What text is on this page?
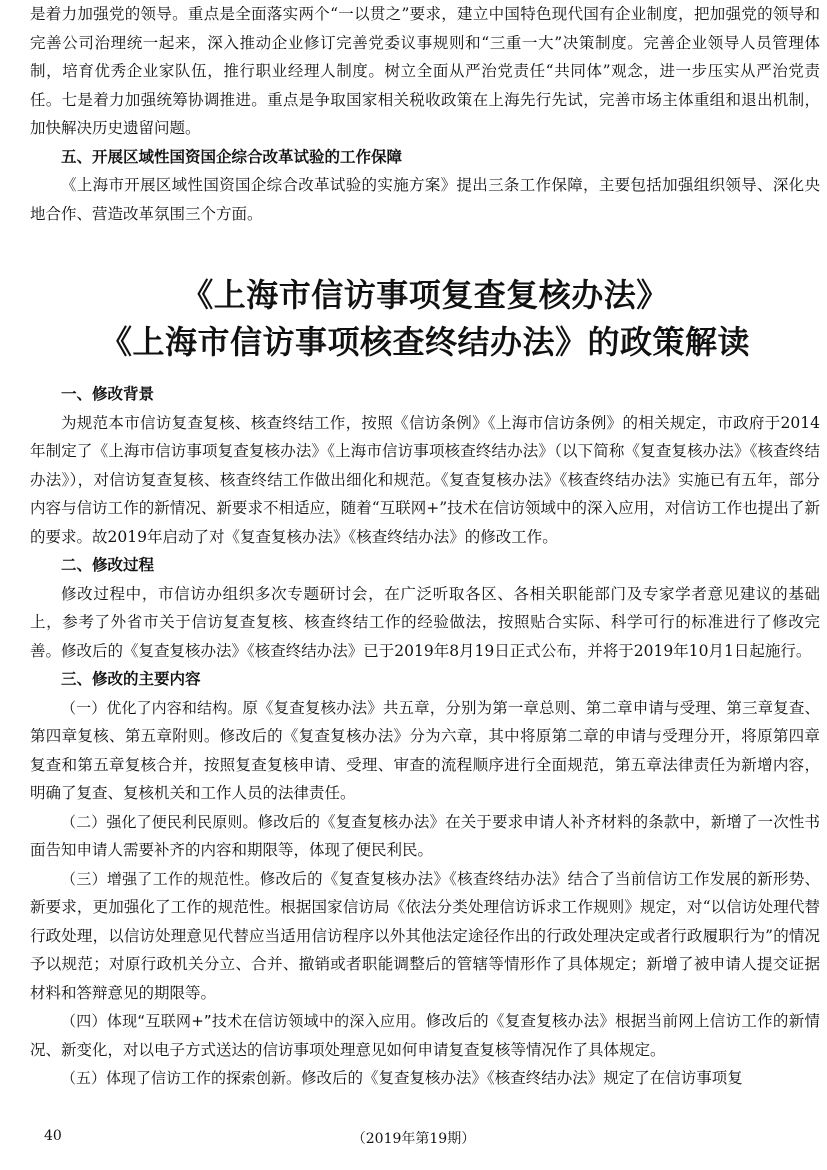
是着力加强党的领导。重点是全面落实两个“一以贯之”要求，建立中国特色现代国有企业制度，把加强党的领导和完善公司治理统一起来，深入推动企业修订完善党委议事规则和“三重一大”决策制度。完善企业领导人员管理体制，培育优秀企业家队伍，推行职业经理人制度。树立全面从严治党责任“共同体”观念，进一步压实从严治党责任。七是着力加强统筹协调推进。重点是争取国家相关税收政策在上海先行先试，完善市场主体重组和退出机制，加快解决历史遗留问题。

五、开展区域性国资国企综合改革试验的工作保障

《上海市开展区域性国资国企综合改革试验的实施方案》提出三条工作保障，主要包括加强组织领导、深化央地合作、营造改革氛围三个方面。

《上海市信访事项复查复核办法》
《上海市信访事项核查终结办法》的政策解读
一、修改背景

为规范本市信访复查复核、核查终结工作，按照《信访条例》《上海市信访条例》的相关规定，市政府于2014年制定了《上海市信访事项复查复核办法》《上海市信访事项核查终结办法》（以下简称《复查复核办法》《核查终结办法》），对信访复查复核、核查终结工作做出细化和规范。《复查复核办法》《核查终结办法》实施已有五年，部分内容与信访工作的新情况、新要求不相适应，随着“互联网+”技术在信访领域中的深入应用，对信访工作也提出了新的要求。故2019年启动了对《复查复核办法》《核查终结办法》的修改工作。

二、修改过程

修改过程中，市信访办组织多次专题研讨会，在广泛听取各区、各相关职能部门及专家学者意见建议的基础上，参考了外省市关于信访复查复核、核查终结工作的经验做法，按照贴合实际、科学可行的标准进行了修改完善。修改后的《复查复核办法》《核查终结办法》已于2019年8月19日正式公布，并将于2019年10月1日起施行。

三、修改的主要内容

（一）优化了内容和结构。原《复查复核办法》共五章，分别为第一章总则、第二章申请与受理、第三章复查、第四章复核、第五章附则。修改后的《复查复核办法》分为六章，其中将原第二章的申请与受理分开，将原第四章复查和第五章复核合并，按照复查复核申请、受理、审查的流程顺序进行全面规范，第五章法律责任为新增内容，明确了复查、复核机关和工作人员的法律责任。

（二）强化了便民利民原则。修改后的《复查复核办法》在关于要求申请人补齐材料的条款中，新增了一次性书面告知申请人需要补齐的内容和期限等，体现了便民利民。

（三）增强了工作的规范性。修改后的《复查复核办法》《核查终结办法》结合了当前信访工作发展的新形势、新要求，更加强化了工作的规范性。根据国家信访局《依法分类处理信访诉求工作规则》规定，对“以信访处理代替行政处理，以信访处理意见代替应当适用信访程序以外其他法定途径作出的行政处理决定或者行政履职行为”的情况予以规范；对原行政机关分立、合并、撤销或者职能调整后的管辖等情形作了具体规定；新增了被申请人提交证据材料和答辩意见的期限等。

（四）体现“互联网+”技术在信访领域中的深入应用。修改后的《复查复核办法》根据当前网上信访工作的新情况、新变化，对以电子方式送达的信访事项处理意见如何申请复查复核等情况作了具体规定。

（五）体现了信访工作的探索创新。修改后的《复查复核办法》《核查终结办法》规定了在信访事项复

40	（2019年第19期）
